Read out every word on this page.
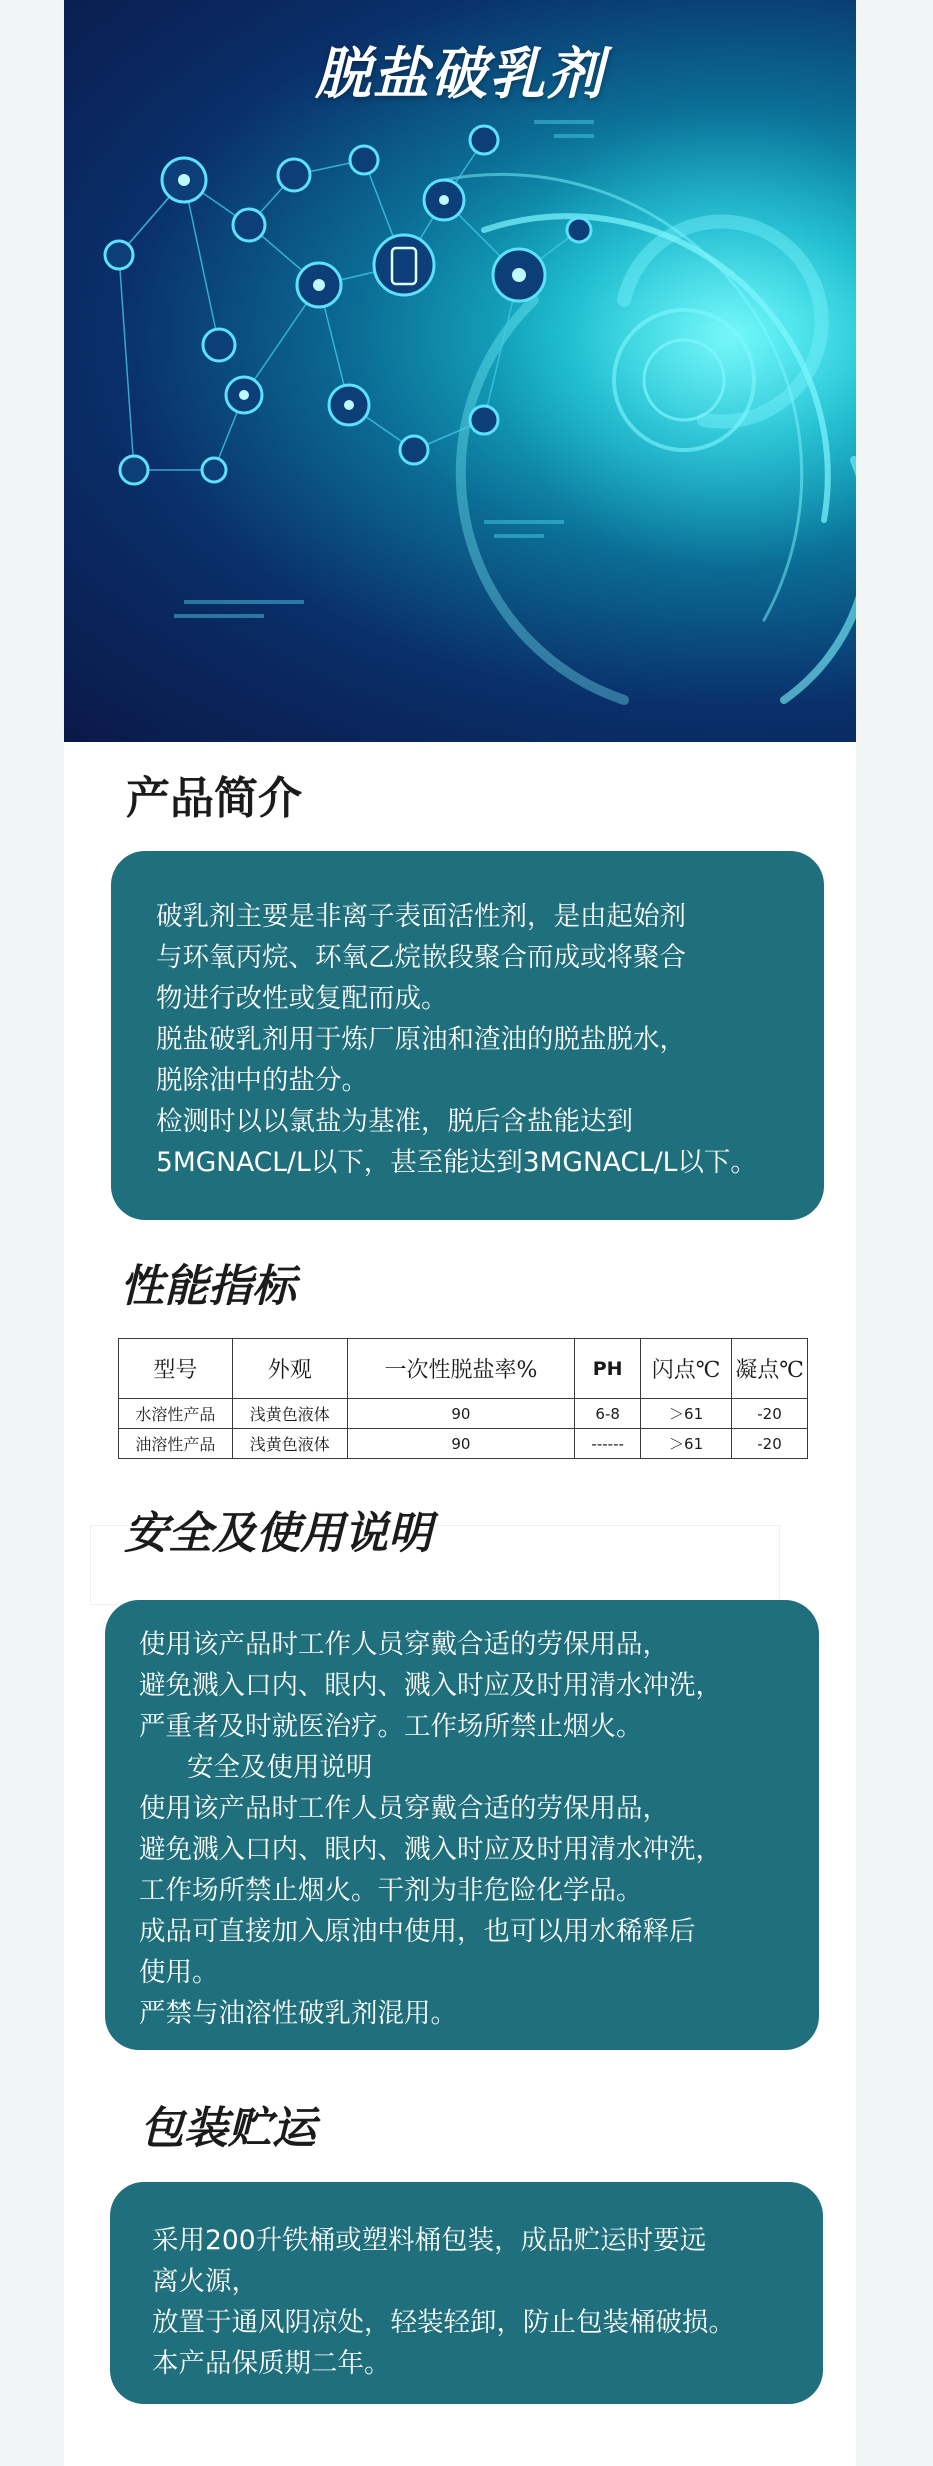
脱盐破乳剂
产品简介

破乳剂主要是非离子表面活性剂，是由起始剂

与环氧丙烷、环氧乙烷嵌段聚合而成或将聚合

物进行改性或复配而成。

脱盐破乳剂用于炼厂原油和渣油的脱盐脱水，

脱除油中的盐分。

检测时以以氯盐为基准，脱后含盐能达到

5MGNACL/L以下，甚至能达到3MGNACL/L以下。

性能指标
型号	外观	一次性脱盐率%	PH	闪点℃	凝点℃
水溶性产品	浅黄色液体	90	6-8	＞61	-20
油溶性产品	浅黄色液体	90	------	＞61	-20
安全及使用说明

使用该产品时工作人员穿戴合适的劳保用品，

避免溅入口内、眼内、溅入时应及时用清水冲洗，

严重者及时就医治疗。工作场所禁止烟火。

安全及使用说明

使用该产品时工作人员穿戴合适的劳保用品，

避免溅入口内、眼内、溅入时应及时用清水冲洗，

工作场所禁止烟火。干剂为非危险化学品。

成品可直接加入原油中使用，也可以用水稀释后

使用。

严禁与油溶性破乳剂混用。

包装贮运

采用200升铁桶或塑料桶包装，成品贮运时要远

离火源，

放置于通风阴凉处，轻装轻卸，防止包装桶破损。

本产品保质期二年。
